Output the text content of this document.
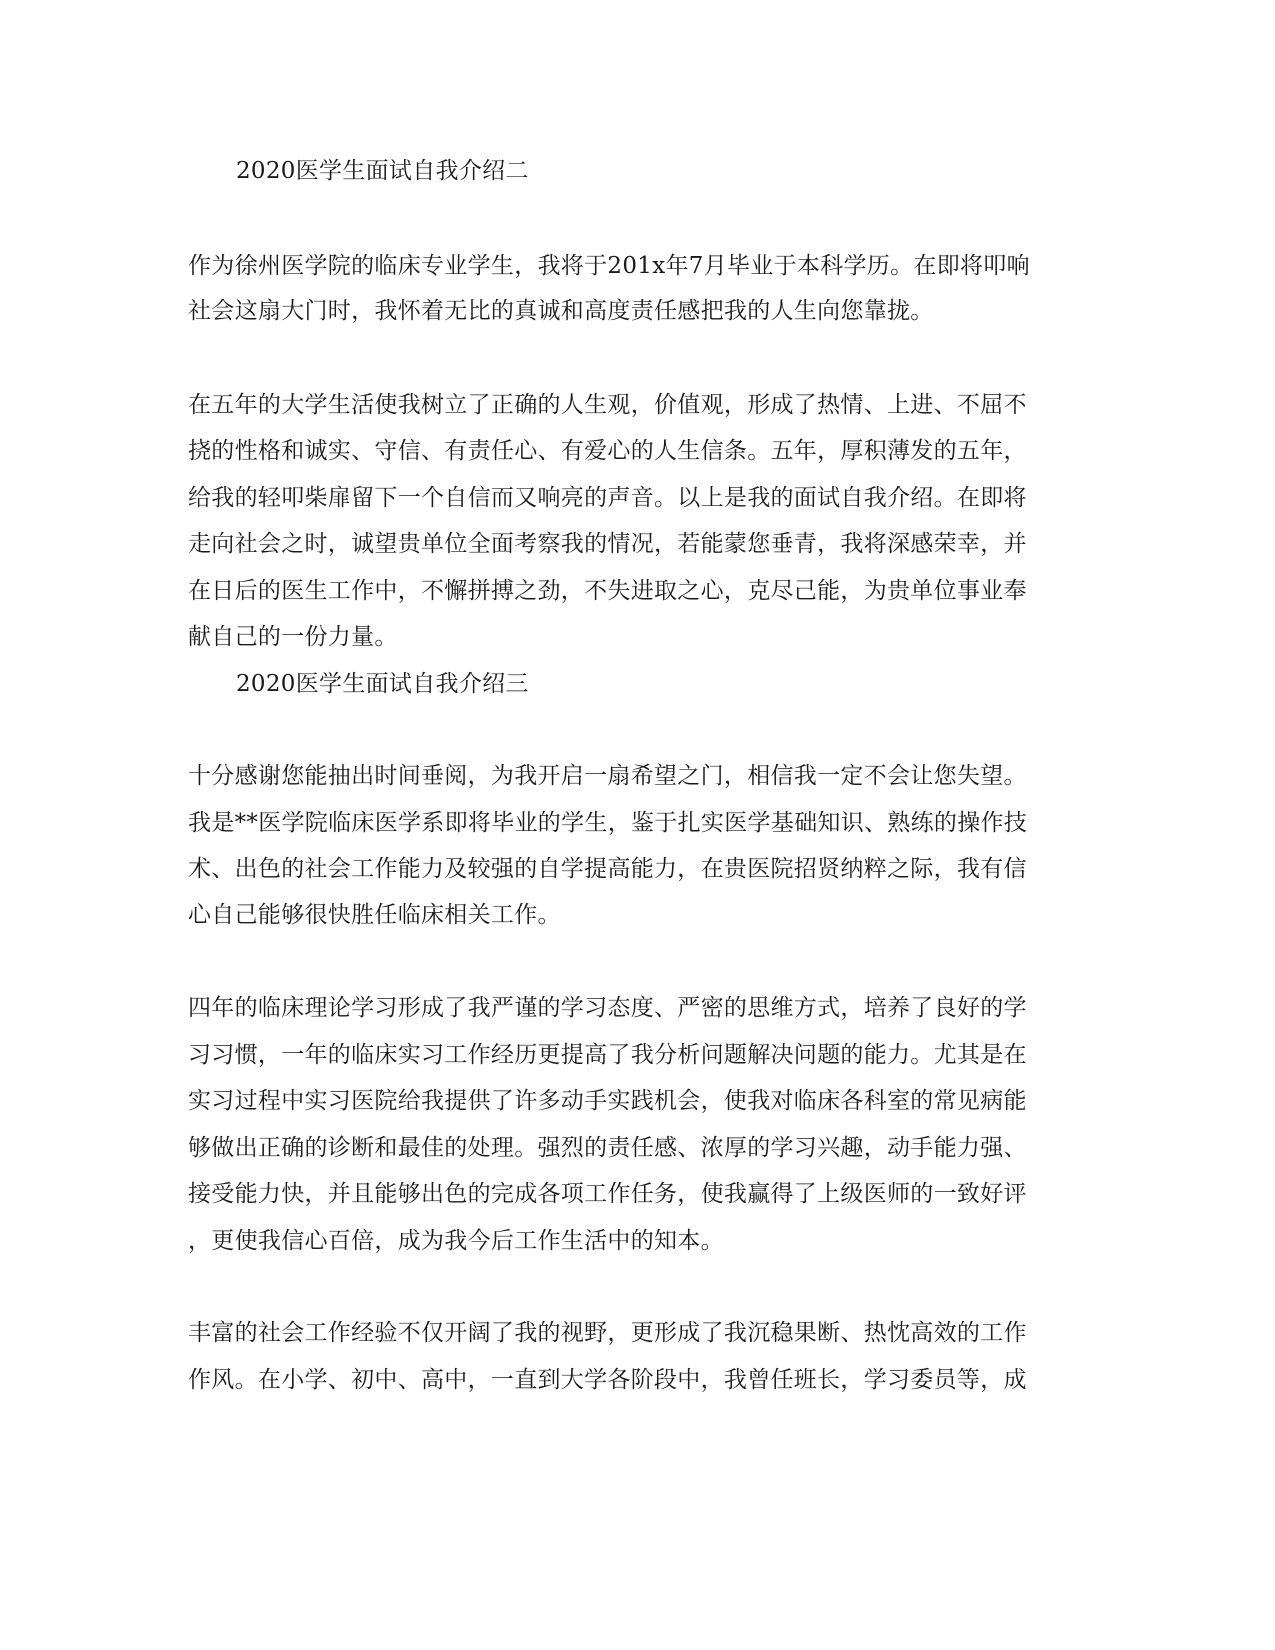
2020医学生面试自我介绍二
作为徐州医学院的临床专业学生，我将于201x年7月毕业于本科学历。在即将叩响
社会这扇大门时，我怀着无比的真诚和高度责任感把我的人生向您靠拢。
在五年的大学生活使我树立了正确的人生观，价值观，形成了热情、上进、不屈不
挠的性格和诚实、守信、有责任心、有爱心的人生信条。五年，厚积薄发的五年，
给我的轻叩柴扉留下一个自信而又响亮的声音。以上是我的面试自我介绍。在即将
走向社会之时，诚望贵单位全面考察我的情况，若能蒙您垂青，我将深感荣幸，并
在日后的医生工作中，不懈拼搏之劲，不失进取之心，克尽己能，为贵单位事业奉
献自己的一份力量。
2020医学生面试自我介绍三
十分感谢您能抽出时间垂阅，为我开启一扇希望之门，相信我一定不会让您失望。
我是**医学院临床医学系即将毕业的学生，鉴于扎实医学基础知识、熟练的操作技
术、出色的社会工作能力及较强的自学提高能力，在贵医院招贤纳粹之际，我有信
心自己能够很快胜任临床相关工作。
四年的临床理论学习形成了我严谨的学习态度、严密的思维方式，培养了良好的学
习习惯，一年的临床实习工作经历更提高了我分析问题解决问题的能力。尤其是在
实习过程中实习医院给我提供了许多动手实践机会，使我对临床各科室的常见病能
够做出正确的诊断和最佳的处理。强烈的责任感、浓厚的学习兴趣，动手能力强、
接受能力快，并且能够出色的完成各项工作任务，使我赢得了上级医师的一致好评
，更使我信心百倍，成为我今后工作生活中的知本。
丰富的社会工作经验不仅开阔了我的视野，更形成了我沉稳果断、热忱高效的工作
作风。在小学、初中、高中，一直到大学各阶段中，我曾任班长，学习委员等，成
